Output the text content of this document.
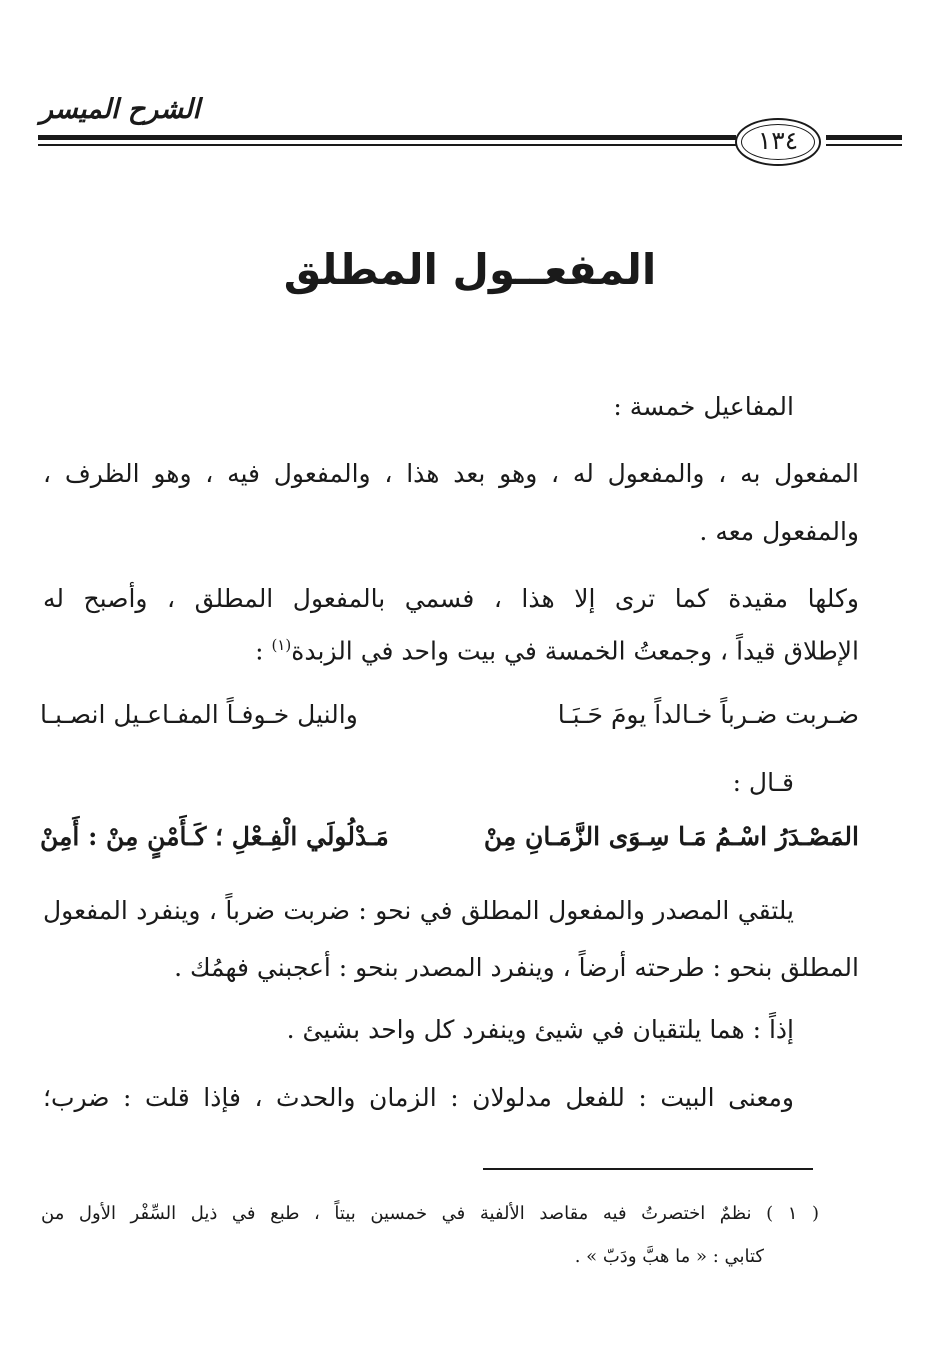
الشرح الميسر
١٣٤
المفعــول المطلق
المفاعيل خمسة :
المفعول به ، والمفعول له ، وهو بعد هذا ، والمفعول فيه ، وهو الظرف ،
والمفعول معه .
وكلها مقيدة كما ترى إلا هذا ، فسمي بالمفعول المطلق ، وأصبح له
الإطلاق قيداً ، وجمعتُ الخمسة في بيت واحد في الزبدة$^{(١)}$ :
ضـربت ضـرباً خـالداً يومَ حَـبَـا
والنيل خـوفـاً المفـاعـيل انصـبـا
قـال :
المَصْـدَرُ اسْـمُ مَـا سِـوَى الزَّمَـانِ مِنْ
مَـدْلُولَي الْفِـعْلِ ؛ كَـأَمْنٍ مِنْ : أَمِنْ
يلتقي المصدر والمفعول المطلق في نحو : ضربت ضرباً ، وينفرد المفعول
المطلق بنحو : طرحته أرضاً ، وينفرد المصدر بنحو : أعجبني فهمُك .
إذاً : هما يلتقيان في شيئ وينفرد كل واحد بشيئ .
ومعنى البيت : للفعل مدلولان : الزمان والحدث ، فإذا قلت : ضرب؛
( ١ ) نظمٌ اختصرتُ فيه مقاصد الألفية في خمسين بيتاً ، طبع في ذيل السِّفْر الأول من
كتابي : « ما هبَّ ودَبّ » .
